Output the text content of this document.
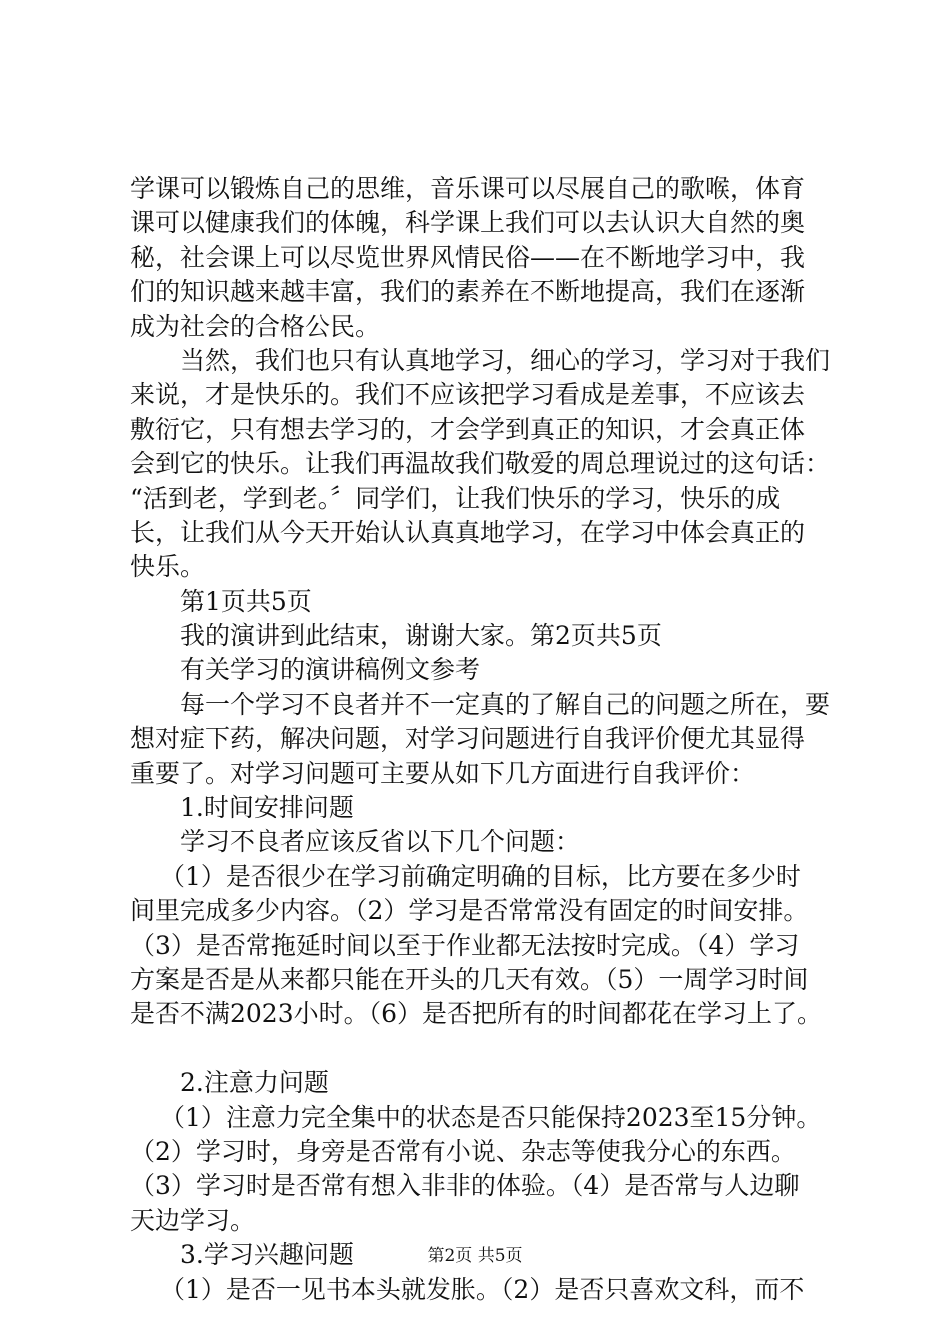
学课可以锻炼自己的思维，音乐课可以尽展自己的歌喉，体育
课可以健康我们的体魄，科学课上我们可以去认识大自然的奥
秘，社会课上可以尽览世界风情民俗——在不断地学习中，我
们的知识越来越丰富，我们的素养在不断地提高，我们在逐渐
成为社会的合格公民。
当然，我们也只有认真地学习，细心的学习，学习对于我们
来说，才是快乐的。我们不应该把学习看成是差事，不应该去
敷衍它，只有想去学习的，才会学到真正的知识，才会真正体
会到它的快乐。让我们再温故我们敬爱的周总理说过的这句话：
“活到老，学到老。〞同学们，让我们快乐的学习，快乐的成
长，让我们从今天开始认认真真地学习，在学习中体会真正的
快乐。
第1页共5页
我的演讲到此结束，谢谢大家。第2页共5页
有关学习的演讲稿例文参考
每一个学习不良者并不一定真的了解自己的问题之所在，要
想对症下药，解决问题，对学习问题进行自我评价便尤其显得
重要了。对学习问题可主要从如下几方面进行自我评价：
1.时间安排问题
学习不良者应该反省以下几个问题：
（1）是否很少在学习前确定明确的目标，比方要在多少时
间里完成多少内容。（2）学习是否常常没有固定的时间安排。
（3）是否常拖延时间以至于作业都无法按时完成。（4）学习
方案是否是从来都只能在开头的几天有效。（5）一周学习时间
是否不满2023小时。（6）是否把所有的时间都花在学习上了。
2.注意力问题
（1）注意力完全集中的状态是否只能保持2023至15分钟。
（2）学习时，身旁是否常有小说、杂志等使我分心的东西。
（3）学习时是否常有想入非非的体验。（4）是否常与人边聊
天边学习。
3.学习兴趣问题
（1）是否一见书本头就发胀。（2）是否只喜欢文科，而不
第2页 共5页
